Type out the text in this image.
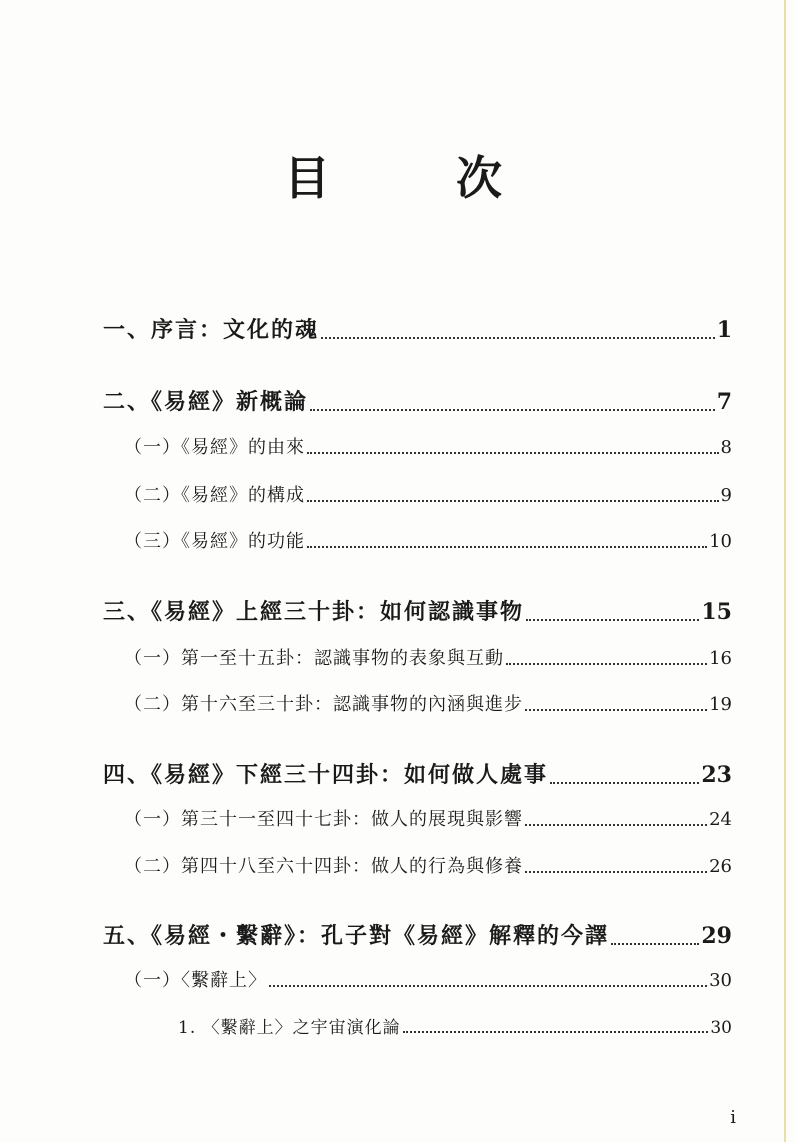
目　次
一、序言：文化的魂	1
二、《易經》新概論	7
（一）《易經》的由來	8
（二）《易經》的構成	9
（三）《易經》的功能	10
三、《易經》上經三十卦：如何認識事物	15
（一）第一至十五卦：認識事物的表象與互動	16
（二）第十六至三十卦：認識事物的內涵與進步	19
四、《易經》下經三十四卦：如何做人處事	23
（一）第三十一至四十七卦：做人的展現與影響	24
（二）第四十八至六十四卦：做人的行為與修養	26
五、《易經・繫辭》：孔子對《易經》解釋的今譯	29
（一）〈繫辭上〉	30
1. 〈繫辭上〉之宇宙演化論	30
i
